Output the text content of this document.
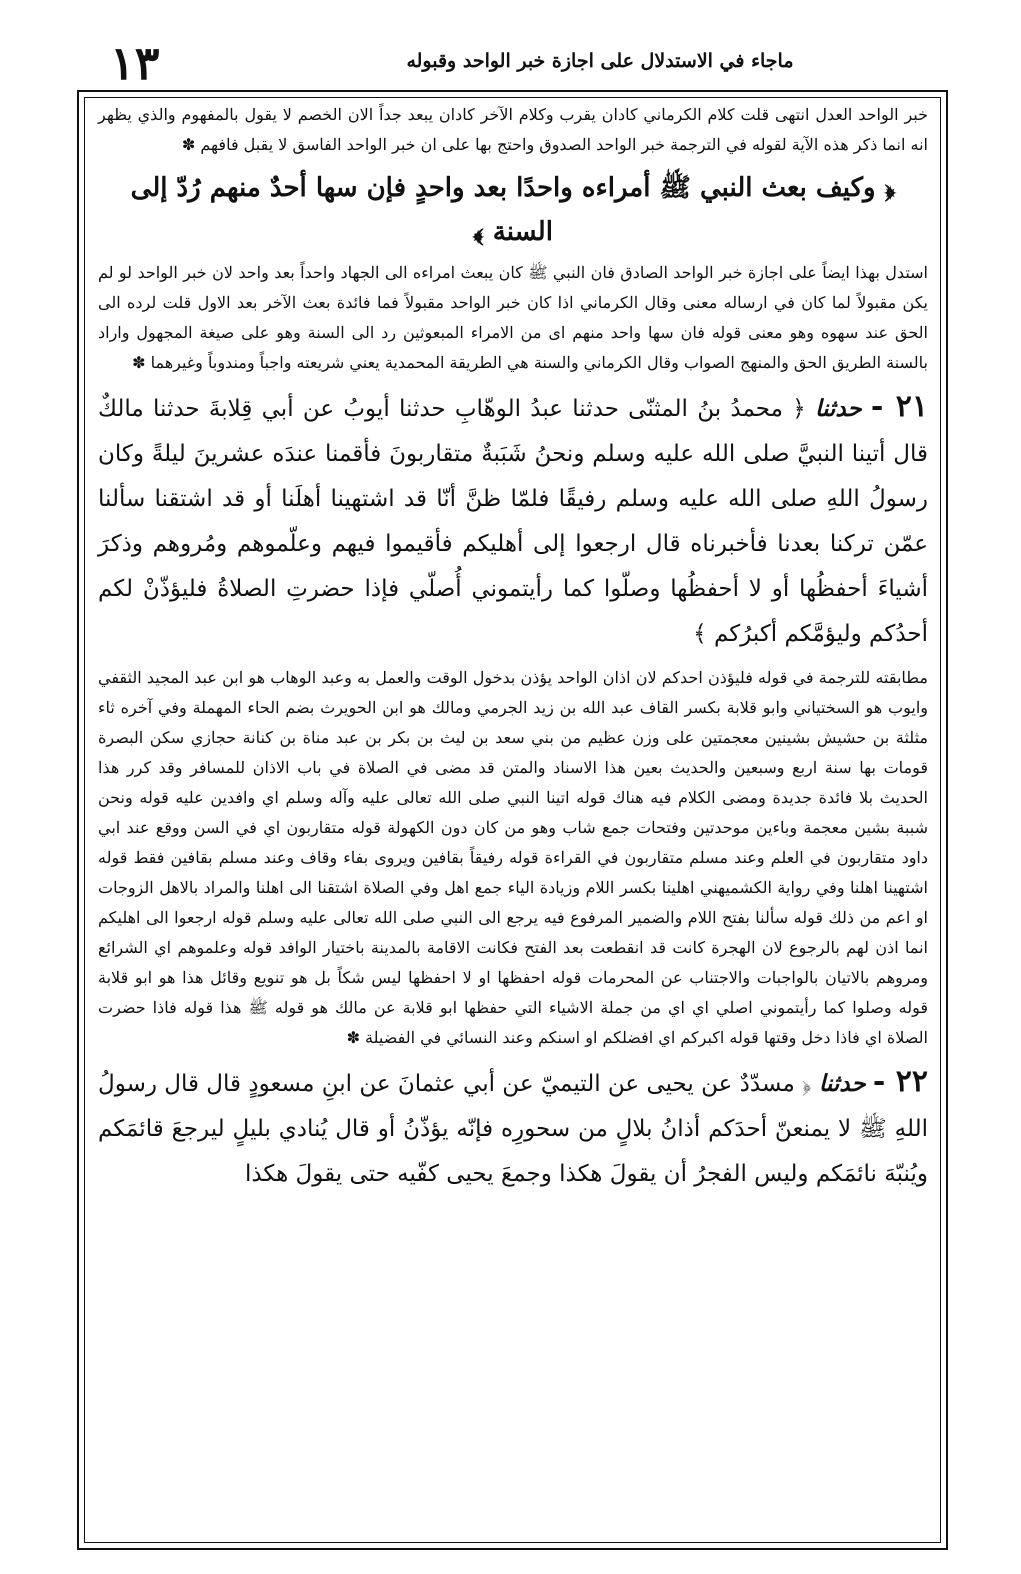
١٣	ماجاء في الاستدلال على اجازة خبر الواحد وقبوله

خبر الواحد العدل انتهى قلت كلام الكرماني كادان يقرب وكلام الآخر كادان يبعد جداً الان الخصم لا يقول بالمفهوم والذي يظهر انه انما ذكر هذه الآية لقوله في الترجمة خبر الواحد الصدوق واحتج بها على ان خبر الواحد الفاسق لا يقبل فافهم ✽

﴿ وكيف بعث النبي ﷺ أمراءه واحدًا بعد واحدٍ فإن سها أحدٌ منهم رُدّ إلى السنة ﴾

استدل بهذا ايضاً على اجازة خبر الواحد الصادق فان النبي ﷺ كان يبعث امراءه الى الجهاد واحداً بعد واحد لان خبر الواحد لو لم يكن مقبولاً لما كان في ارساله معنى وقال الكرماني اذا كان خبر الواحد مقبولاً فما فائدة بعث الآخر بعد الاول قلت لرده الى الحق عند سهوه وهو معنى قوله فان سها واحد منهم اى من الامراء المبعوثين رد الى السنة وهو على صيغة المجهول واراد بالسنة الطريق الحق والمنهج الصواب وقال الكرماني والسنة هي الطريقة المحمدية يعني شريعته واجباً ومندوباً وغيرهما ✽

٢١ - حدثنا ﴿ محمدُ بنُ المثنّى حدثنا عبدُ الوهّابِ حدثنا أيوبُ عن أبي قِلابةَ حدثنا مالكٌ قال أتينا النبيَّ صلى الله عليه وسلم ونحنُ شَبَبةٌ متقاربونَ فأقمنا عندَه عشرينَ ليلةً وكان رسولُ اللهِ صلى الله عليه وسلم رفيقًا فلمّا ظنَّ أنّا قد اشتهينا أهلَنا أو قد اشتقنا سألنا عمّن تركنا بعدنا فأخبرناه قال ارجعوا إلى أهليكم فأقيموا فيهم وعلّموهم ومُروهم وذكرَ أشياءَ أحفظُها أو لا أحفظُها وصلّوا كما رأيتموني أُصلّي فإذا حضرتِ الصلاةُ فليؤذّنْ لكم أحدُكم وليؤمَّكم أكبرُكم ﴾

مطابقته للترجمة في قوله فليؤذن احدكم لان اذان الواحد يؤذن بدخول الوقت والعمل به وعبد الوهاب هو ابن عبد المجيد الثقفي وايوب هو السختياني وابو قلابة بكسر القاف عبد الله بن زيد الجرمي ومالك هو ابن الحويرث بضم الحاء المهملة وفي آخره ثاء مثلثة بن حشيش بشينين معجمتين على وزن عظيم من بني سعد بن ليث بن بكر بن عبد مناة بن كنانة حجازي سكن البصرة قومات بها سنة اربع وسبعين والحديث بعين هذا الاسناد والمتن قد مضى في الصلاة في باب الاذان للمسافر وقد كرر هذا الحديث بلا فائدة جديدة ومضى الكلام فيه هناك قوله اتينا النبي صلى الله تعالى عليه وآله وسلم اي وافدين عليه قوله ونحن شببة بشين معجمة وباءين موحدتين وفتحات جمع شاب وهو من كان دون الكهولة قوله متقاربون اي في السن ووقع عند ابي داود متقاربون في العلم وعند مسلم متقاربون في القراءة قوله رفيقاً بقافين ويروى بفاء وقاف وعند مسلم بقافين فقط قوله اشتهينا اهلنا وفي رواية الكشميهني اهلينا بكسر اللام وزيادة الياء جمع اهل وفي الصلاة اشتقنا الى اهلنا والمراد بالاهل الزوجات او اعم من ذلك قوله سألنا بفتح اللام والضمير المرفوع فيه يرجع الى النبي صلى الله تعالى عليه وسلم قوله ارجعوا الى اهليكم انما اذن لهم بالرجوع لان الهجرة كانت قد انقطعت بعد الفتح فكانت الاقامة بالمدينة باختيار الوافد قوله وعلموهم اي الشرائع ومروهم بالاتيان بالواجبات والاجتناب عن المحرمات قوله احفظها او لا احفظها ليس شكاً بل هو تنويع وقائل هذا هو ابو قلابة قوله وصلوا كما رأيتموني اصلي اي اي من جملة الاشياء التي حفظها ابو قلابة عن مالك هو قوله ﷺ هذا قوله فاذا حضرت الصلاة اي فاذا دخل وقتها قوله اكبركم اي افضلكم او اسنكم وعند النسائي في الفضيلة ✽

٢٢ - حدثنا ﴿ مسدّدٌ عن يحيى عن التيميّ عن أبي عثمانَ عن ابنِ مسعودٍ قال قال رسولُ اللهِ ﷺ لا يمنعنّ أحدَكم أذانُ بلالٍ من سحورِه فإنّه يؤذّنُ أو قال يُنادي بليلٍ ليرجعَ قائمَكم ويُنبّهَ نائمَكم وليس الفجرُ أن يقولَ هكذا وجمعَ يحيى كفّيه حتى يقولَ هكذا
